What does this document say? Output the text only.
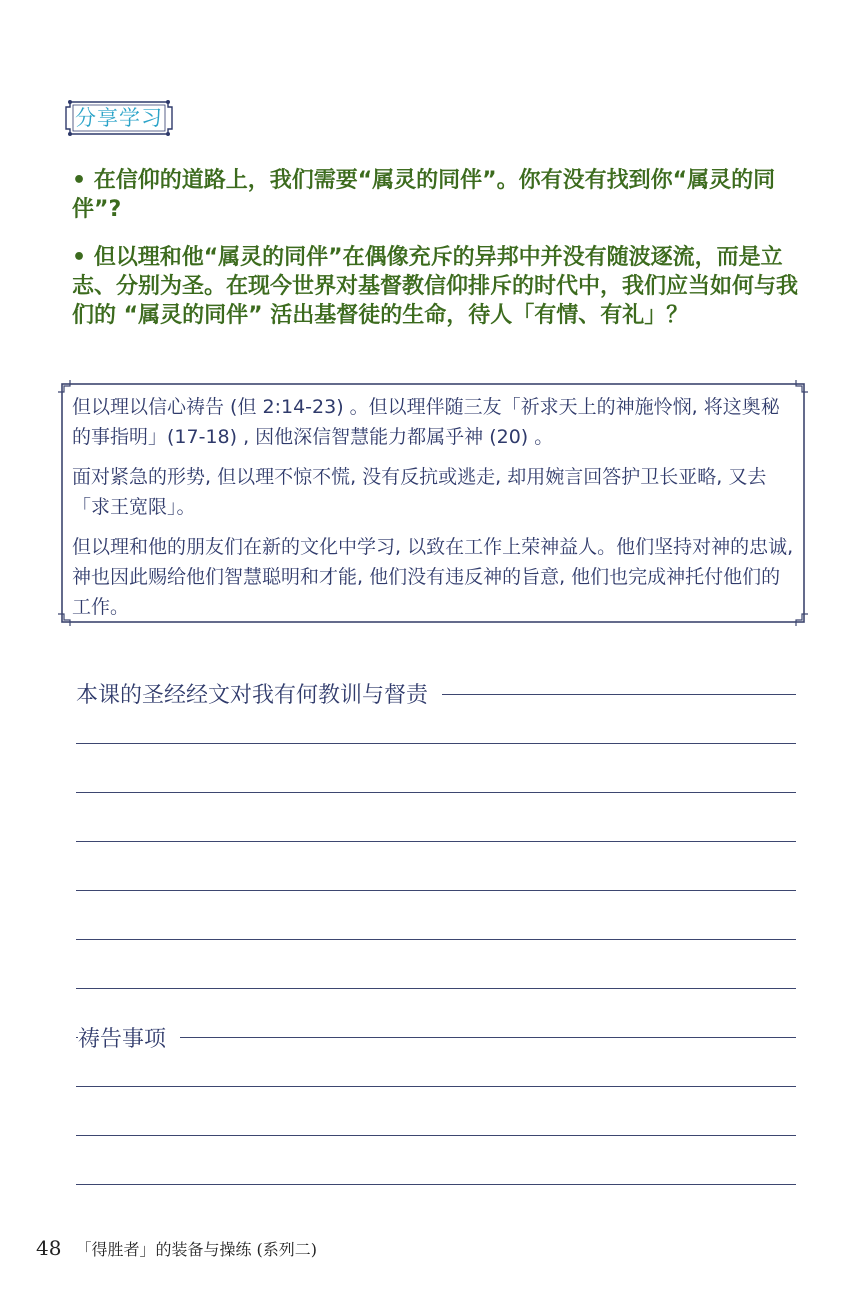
分享学习

• 在信仰的道路上，我们需要“属灵的同伴”。你有没有找到你“属灵的同伴”?

• 但以理和他“属灵的同伴”在偶像充斥的异邦中并没有随波逐流，而是立志、分别为圣。在现今世界对基督教信仰排斥的时代中，我们应当如何与我们的 “属灵的同伴” 活出基督徒的生命，待人「有情、有礼」？

但以理以信心祷告 (但 2:14-23) 。但以理伴随三友「祈求天上的神施怜悯, 将这奥秘的事指明」(17-18) , 因他深信智慧能力都属乎神 (20) 。

面对紧急的形势, 但以理不惊不慌, 没有反抗或逃走, 却用婉言回答护卫长亚略, 又去「求王宽限」。

但以理和他的朋友们在新的文化中学习, 以致在工作上荣神益人。他们坚持对神的忠诚, 神也因此赐给他们智慧聪明和才能, 他们没有违反神的旨意, 他们也完成神托付他们的工作。

本课的圣经经文对我有何教训与督责
祷告事项
48 「得胜者」的装备与操练 (系列二)
